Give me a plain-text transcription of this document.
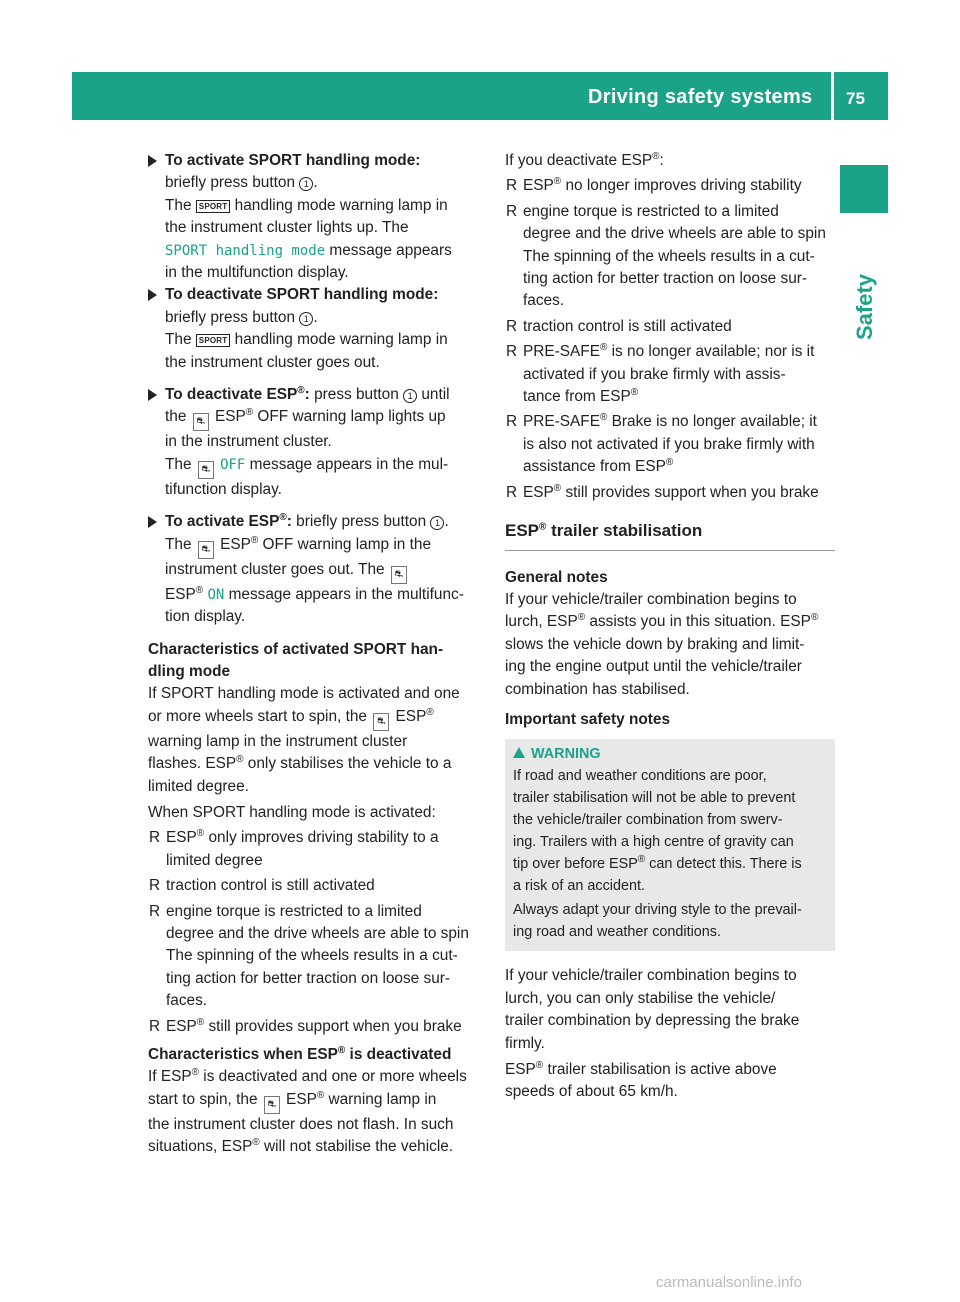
Driving safety systems 75
Safety

To activate SPORT handling mode:

briefly press button 1 .

The SPORT handling mode warning lamp in

the instrument cluster lights up. The

SPORT handling mode message appears

in the multifunction display.

To deactivate SPORT handling mode:

briefly press button 1 .

The SPORT handling mode warning lamp in

the instrument cluster goes out.

To deactivate ESP®: press button 1 until

the ⛐ ESP® OFF warning lamp lights up

in the instrument cluster.

The ⛐ OFF message appears in the mul-

tifunction display.

To activate ESP®: briefly press button 1 .

The ⛐ ESP® OFF warning lamp in the

instrument cluster goes out. The ⛐

ESP® ON message appears in the multifunc-

tion display.

Characteristics of activated SPORT han-

dling mode

If SPORT handling mode is activated and one

or more wheels start to spin, the ⛐ ESP®

warning lamp in the instrument cluster

flashes. ESP® only stabilises the vehicle to a

limited degree.

When SPORT handling mode is activated:

R ESP® only improves driving stability to a
limited degree
R traction control is still activated
R engine torque is restricted to a limited
degree and the drive wheels are able to spin
The spinning of the wheels results in a cut-
ting action for better traction on loose sur-
faces.
R ESP® still provides support when you brake

Characteristics when ESP® is deactivated

If ESP® is deactivated and one or more wheels

start to spin, the ⛐ ESP® warning lamp in

the instrument cluster does not flash. In such

situations, ESP® will not stabilise the vehicle.

If you deactivate ESP®:

R ESP® no longer improves driving stability
R engine torque is restricted to a limited
degree and the drive wheels are able to spin
The spinning of the wheels results in a cut-
ting action for better traction on loose sur-
faces.
R traction control is still activated
R PRE-SAFE® is no longer available; nor is it
activated if you brake firmly with assis-
tance from ESP®
R PRE-SAFE® Brake is no longer available; it
is also not activated if you brake firmly with
assistance from ESP®
R ESP® still provides support when you brake
ESP® trailer stabilisation

General notes

If your vehicle/trailer combination begins to

lurch, ESP® assists you in this situation. ESP®

slows the vehicle down by braking and limit-

ing the engine output until the vehicle/trailer

combination has stabilised.

Important safety notes

WARNING

If road and weather conditions are poor,

trailer stabilisation will not be able to prevent

the vehicle/trailer combination from swerv-

ing. Trailers with a high centre of gravity can

tip over before ESP® can detect this. There is

a risk of an accident.

Always adapt your driving style to the prevail-

ing road and weather conditions.

If your vehicle/trailer combination begins to

lurch, you can only stabilise the vehicle/

trailer combination by depressing the brake

firmly.

ESP® trailer stabilisation is active above

speeds of about 65 km/h.

carmanualsonline.info
